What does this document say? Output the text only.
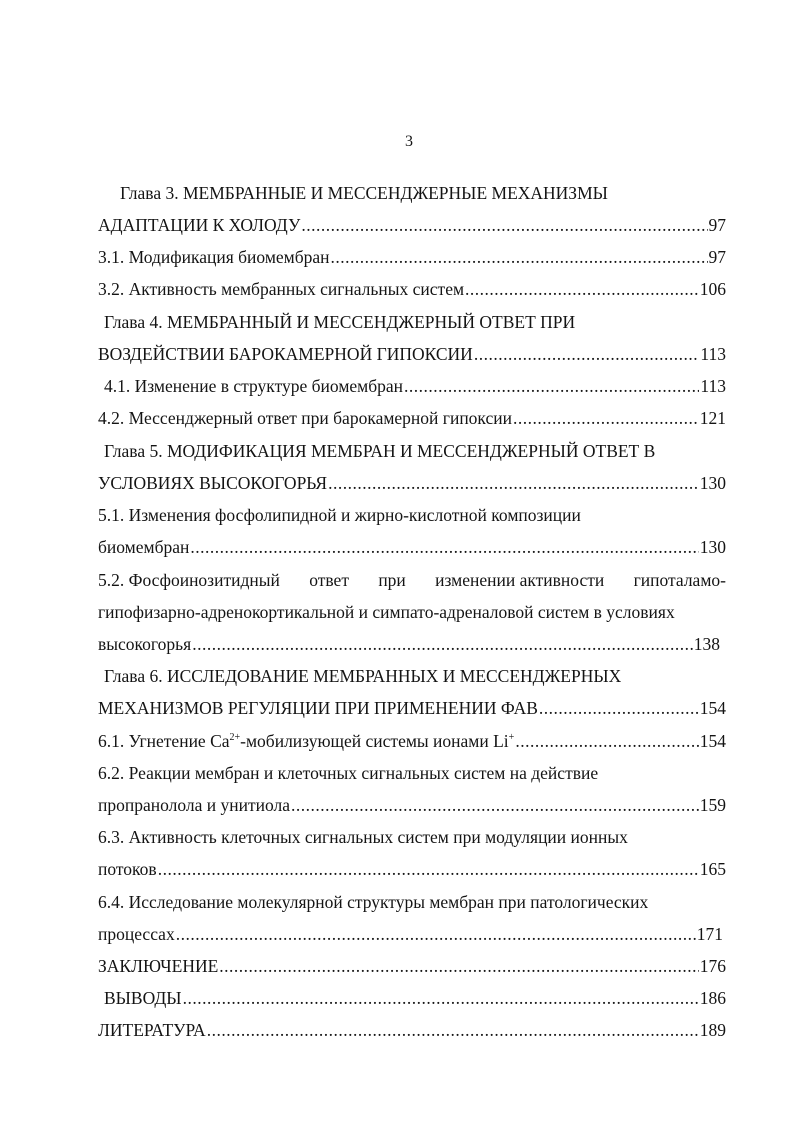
3
Глава 3. МЕМБРАННЫЕ И МЕССЕНДЖЕРНЫЕ МЕХАНИЗМЫ
АДАПТАЦИИ К ХОЛОДУ .....	97
3.1. Модификация биомембран .....	97
3.2. Активность мембранных сигнальных систем .....	106
Глава 4. МЕМБРАННЫЙ И МЕССЕНДЖЕРНЫЙ ОТВЕТ ПРИ
ВОЗДЕЙСТВИИ БАРОКАМЕРНОЙ ГИПОКСИИ .....	113
4.1. Изменение в структуре биомембран .....	113
4.2. Мессенджерный ответ при барокамерной гипоксии .....	121
Глава 5. МОДИФИКАЦИЯ МЕМБРАН И МЕССЕНДЖЕРНЫЙ ОТВЕТ В
УСЛОВИЯХ ВЫСОКОГОРЬЯ .....	130
5.1. Изменения фосфолипидной и жирно-кислотной композиции
биомембран .....	130
5.2. Фосфоинозитидный ответ при изменении активности гипоталамо-
гипофизарно-адренокортикальной и симпато-адреналовой систем в условиях
высокогорья .....	138
Глава 6. ИССЛЕДОВАНИЕ МЕМБРАННЫХ И МЕССЕНДЖЕРНЫХ
МЕХАНИЗМОВ РЕГУЛЯЦИИ ПРИ ПРИМЕНЕНИИ ФАВ .....	154
6.1. Угнетение $Ca^{2+}$-мобилизующей системы ионами Li+ .....	154
6.2. Реакции мембран и клеточных сигнальных систем на действие
пропранолола и унитиола .....	159
6.3. Активность клеточных сигнальных систем при модуляции ионных
потоков .....	165
6.4. Исследование молекулярной структуры мембран при патологических
процессах .....	171
ЗАКЛЮЧЕНИЕ .....	176
ВЫВОДЫ .....	186
ЛИТЕРАТУРА .....	189
